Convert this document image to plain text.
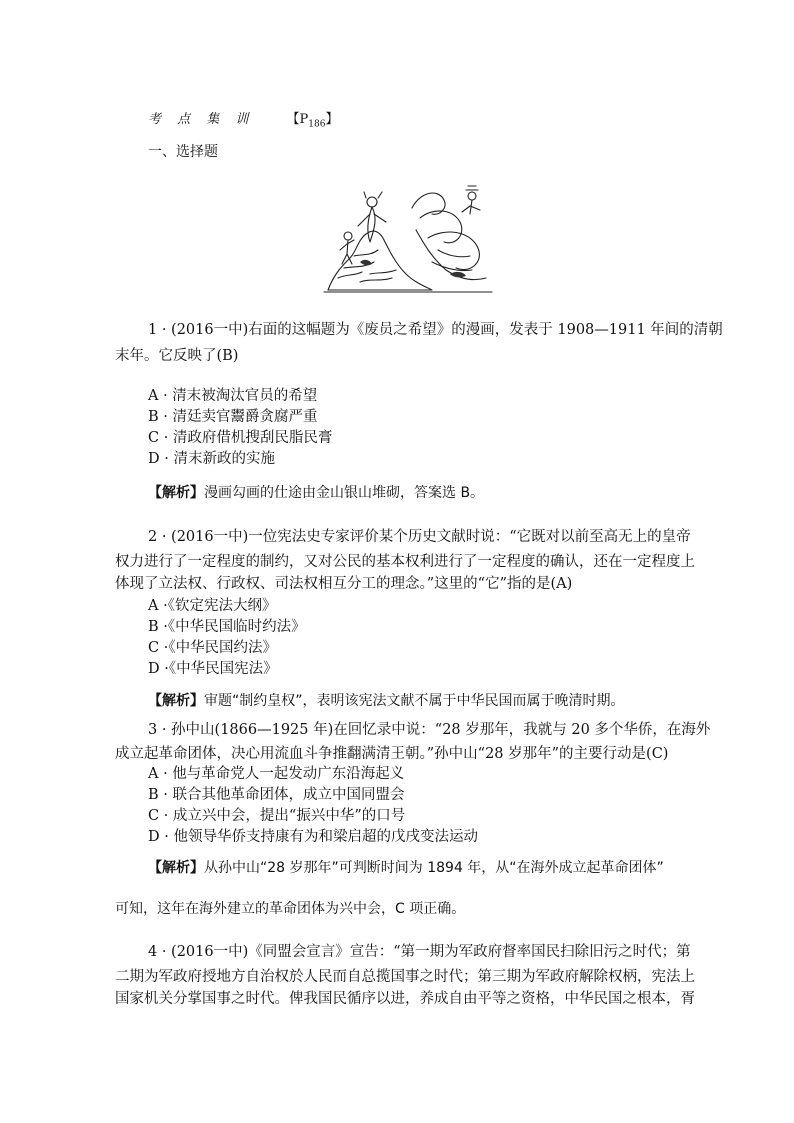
考 点 集 训 【$P_{186}$】
一、选择题

1 · (2016一中)右面的这幅题为《废员之希望》的漫画，发表于 1908—1911 年间的清朝

末年。它反映了(B)

A · 清末被淘汰官员的希望
B · 清廷卖官鬻爵贪腐严重
C · 清政府借机搜刮民脂民膏
D · 清末新政的实施
【解析】漫画勾画的仕途由金山银山堆砌，答案选 B。

2 · (2016一中)一位宪法史专家评价某个历史文献时说：“它既对以前至高无上的皇帝

权力进行了一定程度的制约，又对公民的基本权利进行了一定程度的确认，还在一定程度上

体现了立法权、行政权、司法权相互分工的理念。”这里的“它”指的是(A)

A ·《钦定宪法大纲》
B ·《中华民国临时约法》
C ·《中华民国约法》
D ·《中华民国宪法》
【解析】审题“制约皇权”，表明该宪法文献不属于中华民国而属于晚清时期。

3 · 孙中山(1866—1925 年)在回忆录中说：“28 岁那年，我就与 20 多个华侨，在海外

成立起革命团体，决心用流血斗争推翻满清王朝。”孙中山“28 岁那年”的主要行动是(C)

A · 他与革命党人一起发动广东沿海起义
B · 联合其他革命团体，成立中国同盟会
C · 成立兴中会，提出“振兴中华”的口号
D · 他领导华侨支持康有为和梁启超的戊戌变法运动
【解析】从孙中山“28 岁那年”可判断时间为 1894 年，从“在海外成立起革命团体”
可知，这年在海外建立的革命团体为兴中会，C 项正确。

4 · (2016一中)《同盟会宣言》宣告：“第一期为军政府督率国民扫除旧污之时代；第

二期为军政府授地方自治权於人民而自总揽国事之时代；第三期为军政府解除权柄，宪法上

国家机关分掌国事之时代。俾我国民循序以进，养成自由平等之资格，中华民国之根本，胥
